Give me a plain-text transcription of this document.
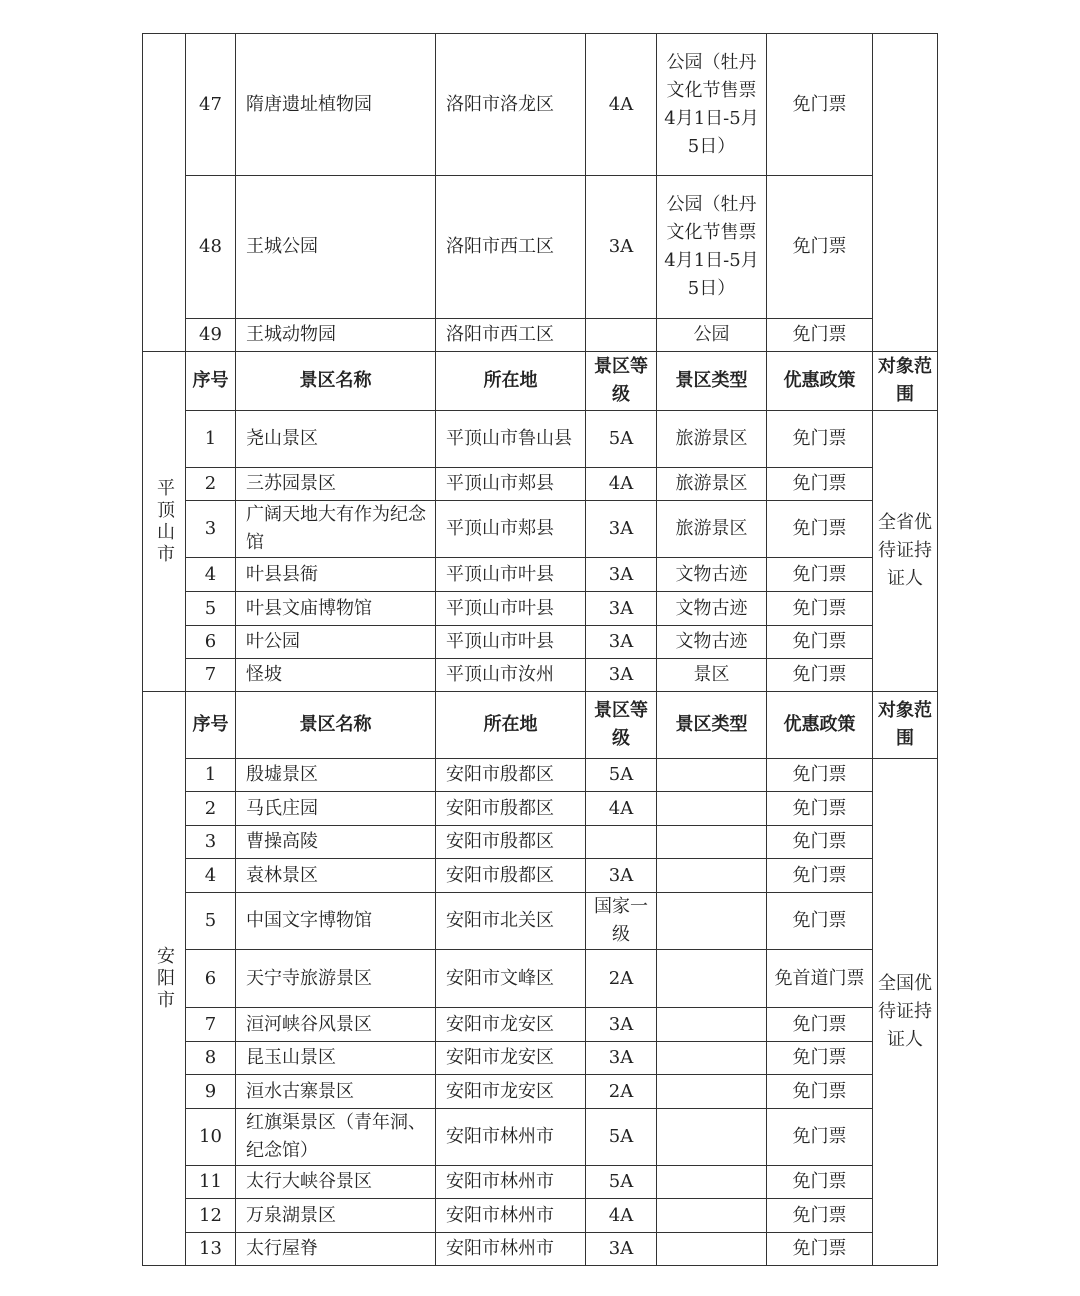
	47	隋唐遗址植物园	洛阳市洛龙区	4A	公园（牡丹文化节售票4月1日-5月5日）	免门票	
	48	王城公园	洛阳市西工区	3A	公园（牡丹文化节售票4月1日-5月5日）	免门票	
	49	王城动物园	洛阳市西工区		公园	免门票	
平顶山市	序号	景区名称	所在地	景区等级	景区类型	优惠政策	对象范围
	1	尧山景区	平顶山市鲁山县	5A	旅游景区	免门票	全省优待证持证人
	2	三苏园景区	平顶山市郏县	4A	旅游景区	免门票	
	3	广阔天地大有作为纪念馆	平顶山市郏县	3A	旅游景区	免门票	
	4	叶县县衙	平顶山市叶县	3A	文物古迹	免门票	
	5	叶县文庙博物馆	平顶山市叶县	3A	文物古迹	免门票	
	6	叶公园	平顶山市叶县	3A	文物古迹	免门票	
	7	怪坡	平顶山市汝州	3A	景区	免门票	
安阳市	序号	景区名称	所在地	景区等级	景区类型	优惠政策	对象范围
	1	殷墟景区	安阳市殷都区	5A		免门票	全国优待证持证人
	2	马氏庄园	安阳市殷都区	4A		免门票	
	3	曹操高陵	安阳市殷都区			免门票	
	4	袁林景区	安阳市殷都区	3A		免门票	
	5	中国文字博物馆	安阳市北关区	国家一级		免门票	
	6	天宁寺旅游景区	安阳市文峰区	2A		免首道门票	
	7	洹河峡谷风景区	安阳市龙安区	3A		免门票	
	8	昆玉山景区	安阳市龙安区	3A		免门票	
	9	洹水古寨景区	安阳市龙安区	2A		免门票	
	10	红旗渠景区（青年洞、纪念馆）	安阳市林州市	5A		免门票	
	11	太行大峡谷景区	安阳市林州市	5A		免门票	
	12	万泉湖景区	安阳市林州市	4A		免门票	
	13	太行屋脊	安阳市林州市	3A		免门票	
